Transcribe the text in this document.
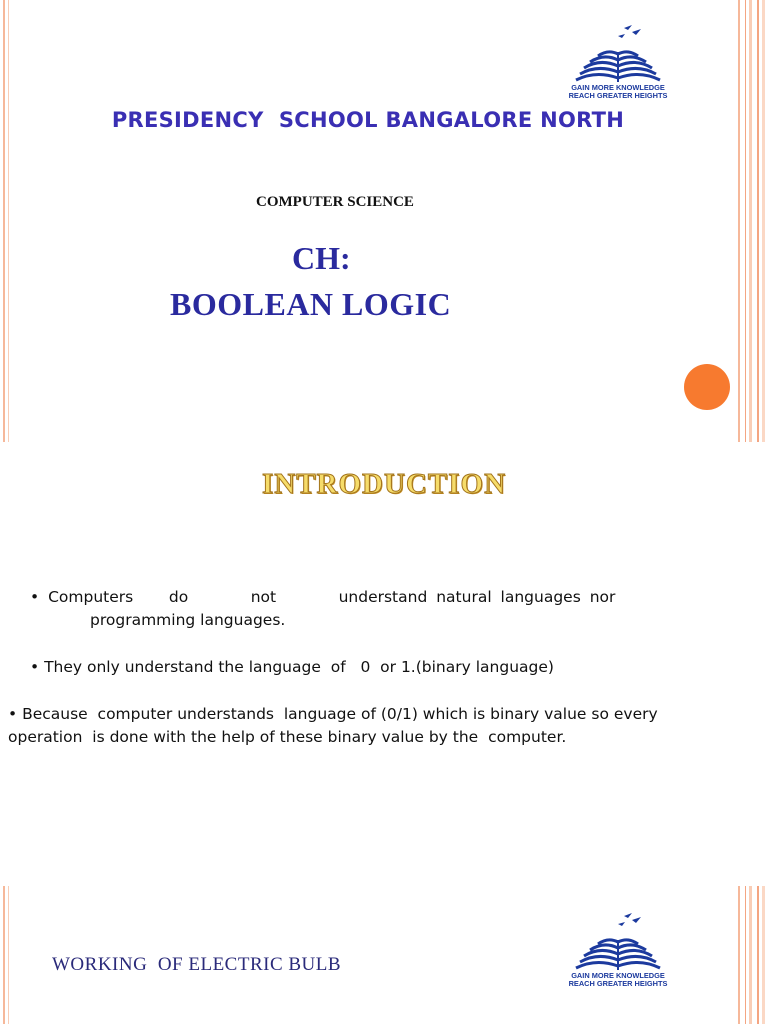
GAIN MORE KNOWLEDGE
REACH GREATER HEIGHTS
PRESIDENCY  SCHOOL BANGALORE NORTH
COMPUTER SCIENCE
CH:
BOOLEAN LOGIC
INTRODUCTION
• Computers    do       not       understand natural languages nor
programming languages.
• They only understand the language  of   0  or 1.(binary language)
• Because  computer understands  language of (0/1) which is binary value so every operation  is done with the help of these binary value by the  computer.
WORKING  OF ELECTRIC BULB
GAIN MORE KNOWLEDGE
REACH GREATER HEIGHTS
